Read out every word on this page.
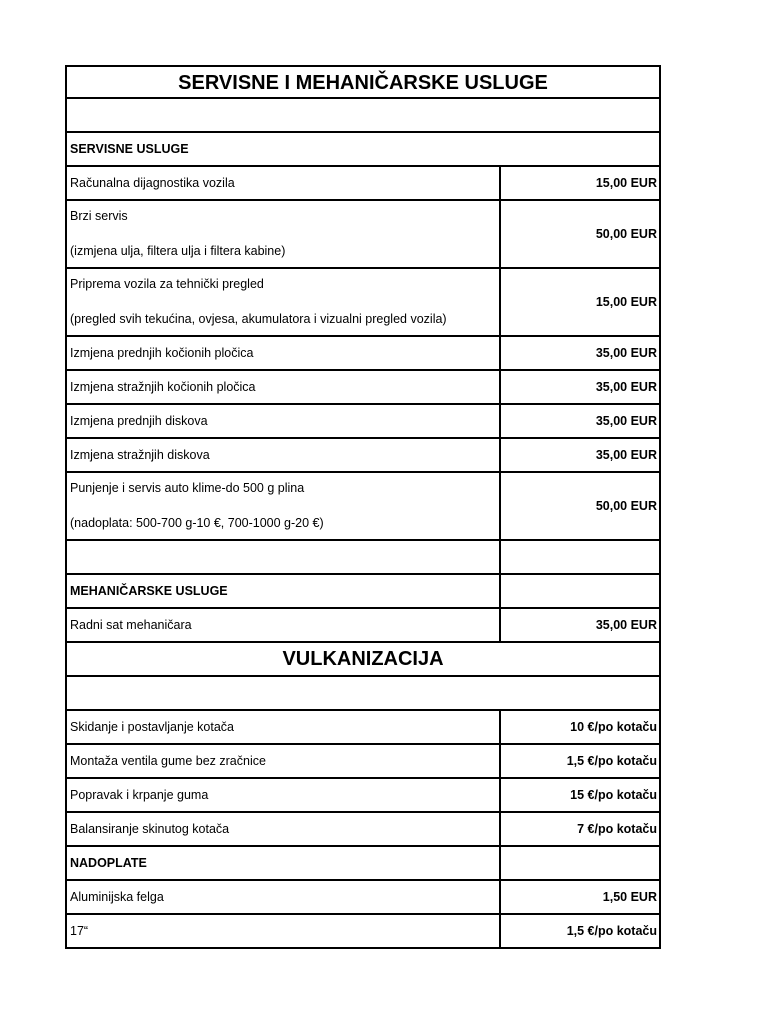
SERVISNE I MEHANIČARSKE USLUGE
SERVISNE USLUGE
Računalna dijagnostika vozila	15,00 EUR
Brzi servis
(izmjena ulja, filtera ulja i filtera kabine)
50,00 EUR
Priprema vozila za tehnički pregled
(pregled svih tekućina, ovjesa, akumulatora i vizualni pregled vozila)
15,00 EUR
Izmjena prednjih kočionih pločica	35,00 EUR
Izmjena stražnjih kočionih pločica	35,00 EUR
Izmjena prednjih diskova	35,00 EUR
Izmjena stražnjih diskova	35,00 EUR
Punjenje i servis auto klime-do 500 g plina
(nadoplata: 500-700 g-10 €, 700-1000 g-20 €)
50,00 EUR
MEHANIČARSKE USLUGE
Radni sat mehaničara	35,00 EUR
VULKANIZACIJA
Skidanje i postavljanje kotača	10 €/po kotaču
Montaža ventila gume bez zračnice	1,5 €/po kotaču
Popravak i krpanje guma	15 €/po kotaču
Balansiranje skinutog kotača	7 €/po kotaču
NADOPLATE
Aluminijska felga	1,50 EUR
17“	1,5 €/po kotaču
